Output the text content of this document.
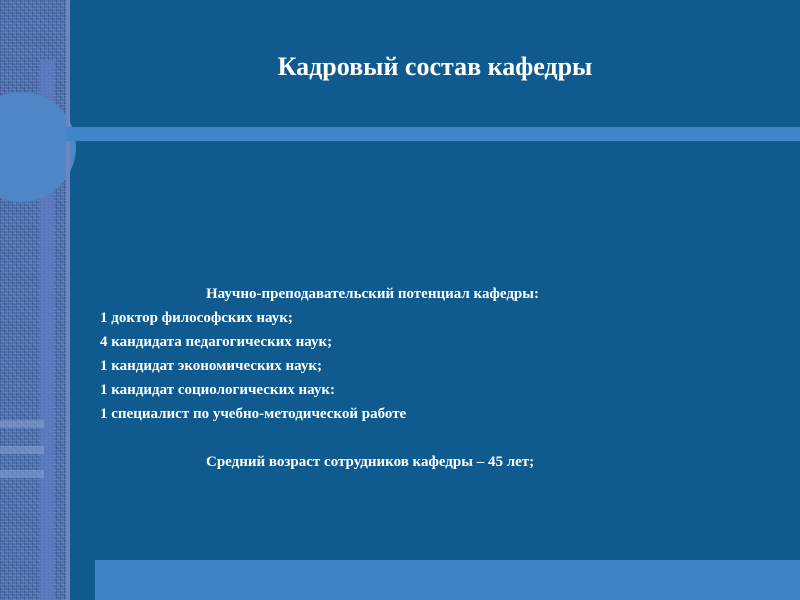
Кадровый состав кафедры
Научно-преподавательский потенциал кафедры:
1 доктор философских наук;
4 кандидата педагогических наук;
1 кандидат экономических наук;
1 кандидат социологических наук:
1 специалист по учебно-методической работе
Средний возраст сотрудников кафедры – 45 лет;
